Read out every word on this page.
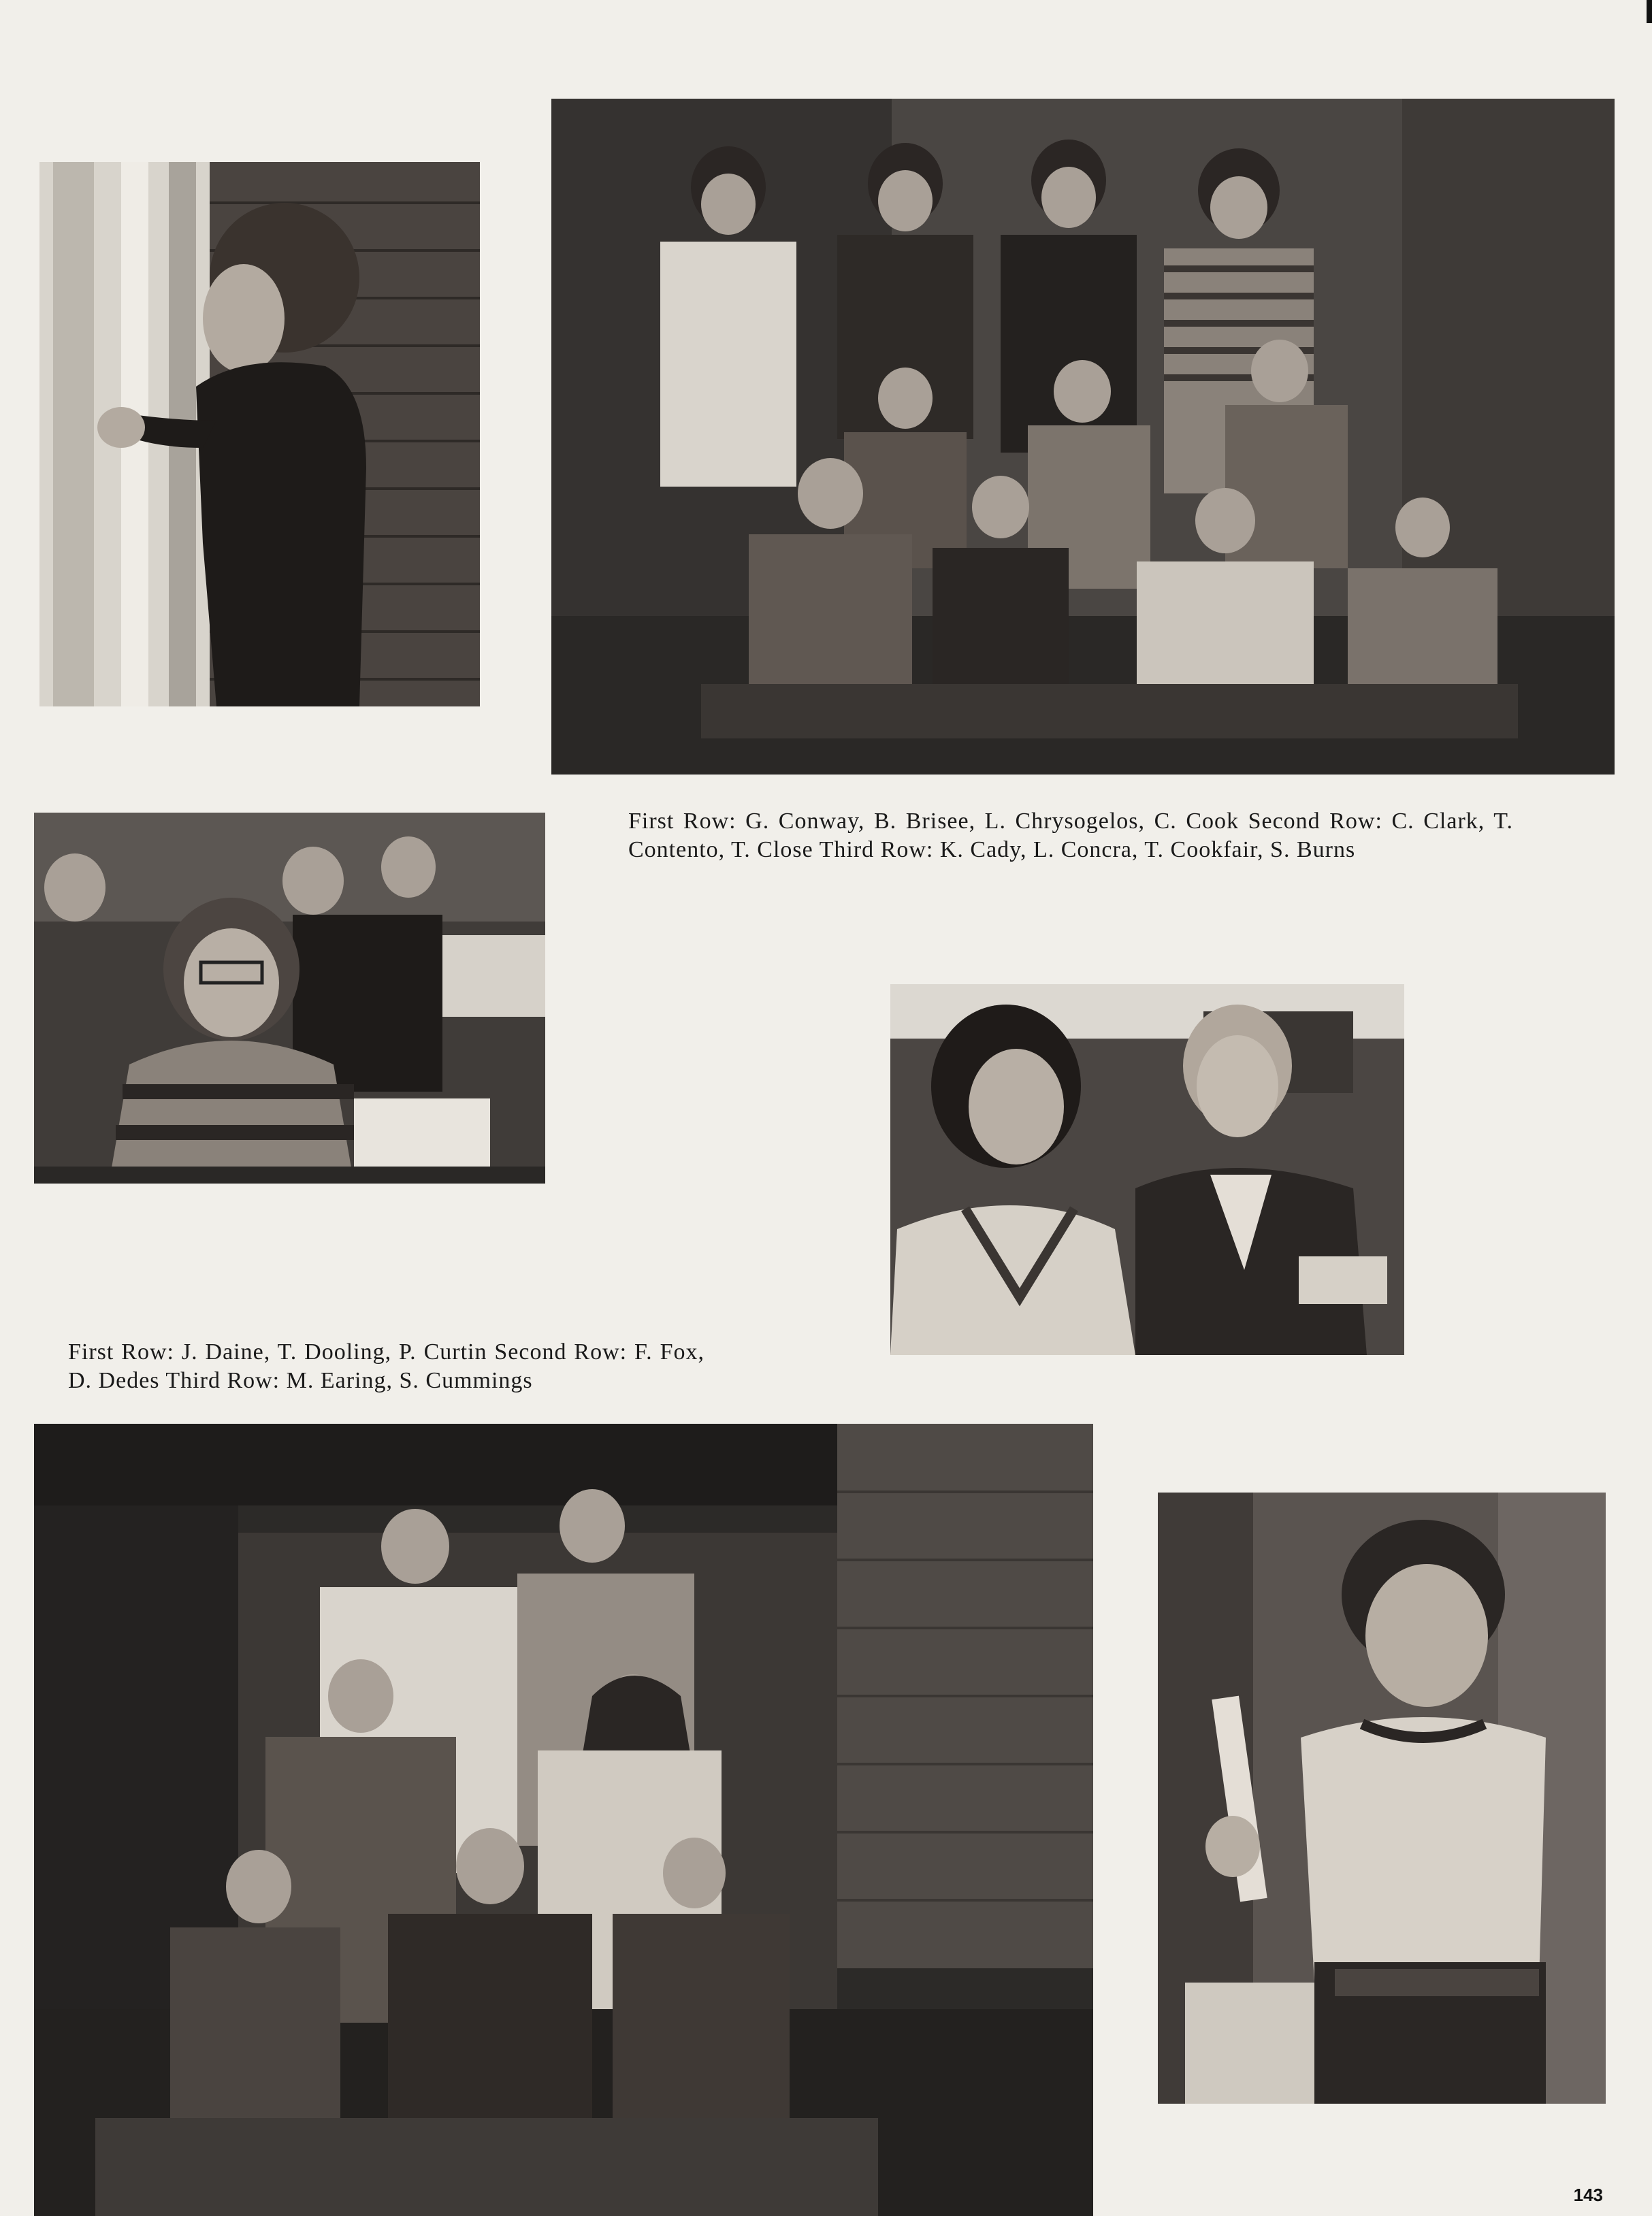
First Row: G. Conway, B. Brisee, L. Chrysogelos, C. Cook Second Row: C. Clark, T. Contento, T. Close Third Row: K. Cady, L. Concra, T. Cookfair, S. Burns

First Row: J. Daine, T. Dooling, P. Curtin Second Row: F. Fox, D. Dedes Third Row: M. Earing, S. Cummings

143
